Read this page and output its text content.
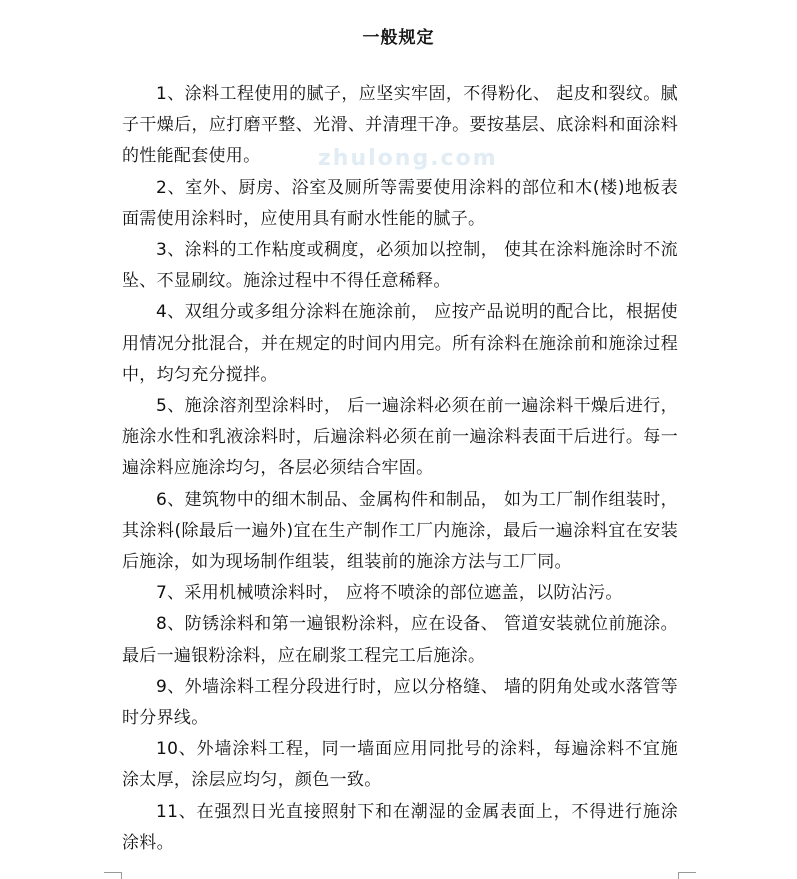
zhulong.com
一般规定

1、涂料工程使用的腻子，应坚实牢固，不得粉化、 起皮和裂纹。腻子干燥后，应打磨平整、光滑、并清理干净。要按基层、底涂料和面涂料的性能配套使用。

2、室外、厨房、浴室及厕所等需要使用涂料的部位和木(楼)地板表面需使用涂料时，应使用具有耐水性能的腻子。

3、涂料的工作粘度或稠度，必须加以控制， 使其在涂料施涂时不流坠、不显刷纹。施涂过程中不得任意稀释。

4、双组分或多组分涂料在施涂前， 应按产品说明的配合比，根据使用情况分批混合，并在规定的时间内用完。所有涂料在施涂前和施涂过程中，均匀充分搅拌。

5、施涂溶剂型涂料时， 后一遍涂料必须在前一遍涂料干燥后进行，施涂水性和乳液涂料时，后遍涂料必须在前一遍涂料表面干后进行。每一遍涂料应施涂均匀，各层必须结合牢固。

6、建筑物中的细木制品、金属构件和制品， 如为工厂制作组装时，其涂料(除最后一遍外)宜在生产制作工厂内施涂，最后一遍涂料宜在安装后施涂，如为现场制作组装，组装前的施涂方法与工厂同。

7、采用机械喷涂料时， 应将不喷涂的部位遮盖，以防沾污。

8、防锈涂料和第一遍银粉涂料，应在设备、 管道安装就位前施涂。最后一遍银粉涂料，应在刷浆工程完工后施涂。

9、外墙涂料工程分段进行时，应以分格缝、 墙的阴角处或水落管等时分界线。

10、外墙涂料工程，同一墙面应用同批号的涂料，每遍涂料不宜施涂太厚，涂层应均匀，颜色一致。

11、在强烈日光直接照射下和在潮湿的金属表面上，不得进行施涂涂料。
